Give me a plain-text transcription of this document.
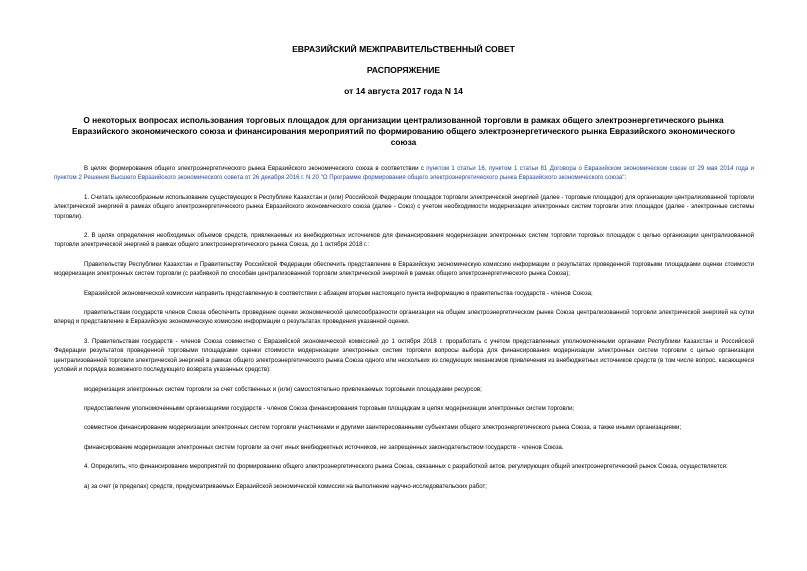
ЕВРАЗИЙСКИЙ МЕЖПРАВИТЕЛЬСТВЕННЫЙ СОВЕТ
РАСПОРЯЖЕНИЕ
от 14 августа 2017 года N 14
О некоторых вопросах использования торговых площадок для организации централизованной торговли в рамках общего электроэнергетического рынка Евразийского экономического союза и финансирования мероприятий по формированию общего электроэнергетического рынка Евразийского экономического союза

В целях формирования общего электроэнергетического рынка Евразийского экономического союза в соответствии с пунктом 1 статьи 16, пунктом 1 статьи 81 Договора о Евразийском экономическом союзе от 29 мая 2014 года и пунктом 2 Решения Высшего Евразийского экономического совета от 26 декабря 2016 г. N 20 "О Программе формирования общего электроэнергетического рынка Евразийского экономического союза":

1. Считать целесообразным использование существующих в Республике Казахстан и (или) Российской Федерации площадок торговли электрической энергией (далее - торговые площадки) для организации централизованной торговли электрической энергией в рамках общего электроэнергетического рынка Евразийского экономического союза (далее - Союз) с учетом необходимости модернизации электронных систем торговли этих площадок (далее - электронные системы торговли).

2. В целях определения необходимых объемов средств, привлекаемых из внебюджетных источников для финансирования модернизации электронных систем торговли торговых площадок с целью организации централизованной торговли электрической энергией в рамках общего электроэнергетического рынка Союза, до 1 октября 2018 г.:

Правительству Республики Казахстан и Правительству Российской Федерации обеспечить представление в Евразийскую экономическую комиссию информации о результатах проведенной торговыми площадками оценки стоимости модернизации электронных систем торговли (с разбивкой по способам централизованной торговли электрической энергией в рамках общего электроэнергетического рынка Союза);

Евразийской экономической комиссии направить представленную в соответствии с абзацем вторым настоящего пункта информацию в правительства государств - членов Союза;

правительствам государств членов Союза обеспечить проведение оценки экономической целесообразности организации на общем электроэнергетическом рынке Союза централизованной торговли электрической энергией на сутки вперед и представление в Евразийскую экономическую комиссию информации о результатах проведения указанной оценки.

3. Правительствам государств - членов Союза совместно с Евразийской экономической комиссией до 1 октября 2018 г. проработать с учетом представленных уполномоченными органами Республики Казахстан и Российской Федерации результатов проведенной торговыми площадками оценки стоимости модернизации электронных систем торговли вопросы выбора для финансирования модернизации электронных систем торговли с целью организации централизованной торговли электрической энергией в рамках общего электроэнергетического рынка Союза одного или нескольких из следующих механизмов привлечения из внебюджетных источников средств (в том числе вопрос, касающиеся условий и порядка возможного последующего возврата указанных средств):

модернизация электронных систем торговли за счет собственных и (или) самостоятельно привлекаемых торговыми площадками ресурсов;

предоставление уполномоченными организациями государств - членов Союза финансирования торговым площадкам в целях модернизации электронных систем торговли;

совместное финансирование модернизации электронных систем торговли участниками и другими заинтересованными субъектами общего электроэнергетического рынка Союза, а также иными организациями;

финансирование модернизации электронных систем торговли за счет иных внебюджетных источников, не запрещенных законодательством государств - членов Союза.

4. Определить, что финансирование мероприятий по формированию общего электроэнергетического рынка Союза, связанных с разработкой актов, регулирующих общий электроэнергетический рынок Союза, осуществляется:

а) за счет (в пределах) средств, предусматриваемых Евразийской экономической комиссии на выполнение научно-исследовательских работ;
